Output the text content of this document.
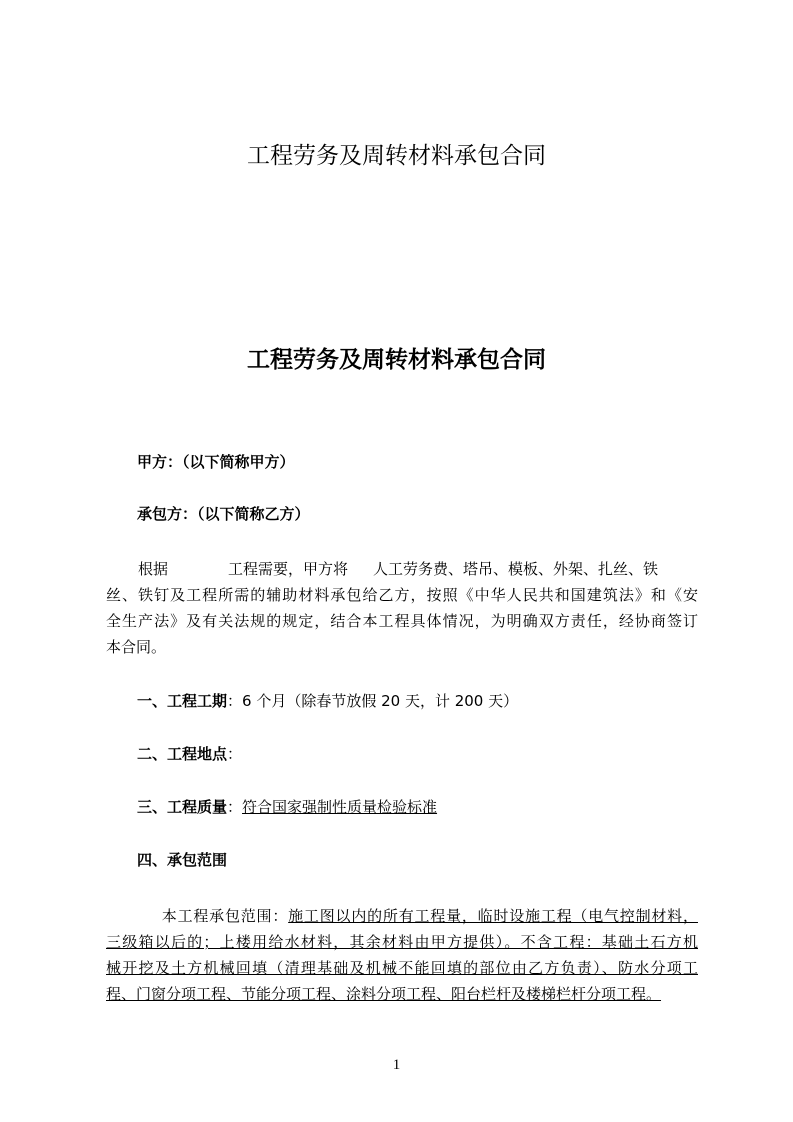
工程劳务及周转材料承包合同
工程劳务及周转材料承包合同
甲方：（以下简称甲方）
承包方：（以下简称乙方）
根据	工程需要，甲方将 人工劳务费、塔吊、模板、外架、扎丝、铁
丝、铁钉及工程所需的辅助材料承包给乙方，按照《中华人民共和国建筑法》和《安
全生产法》及有关法规的规定，结合本工程具体情况，为明确双方责任，经协商签订
本合同。
一、工程工期：6 个月（除春节放假 20 天，计 200 天）
二、工程地点：
三、工程质量：符合国家强制性质量检验标准
四、承包范围
本工程承包范围：施工图以内的所有工程量，临时设施工程（电气控制材料，
三级箱以后的；上楼用给水材料，其余材料由甲方提供）。不含工程：基础土石方机
械开挖及土方机械回填（清理基础及机械不能回填的部位由乙方负责）、防水分项工
程、门窗分项工程、节能分项工程、涂料分项工程、阳台栏杆及楼梯栏杆分项工程。
1
